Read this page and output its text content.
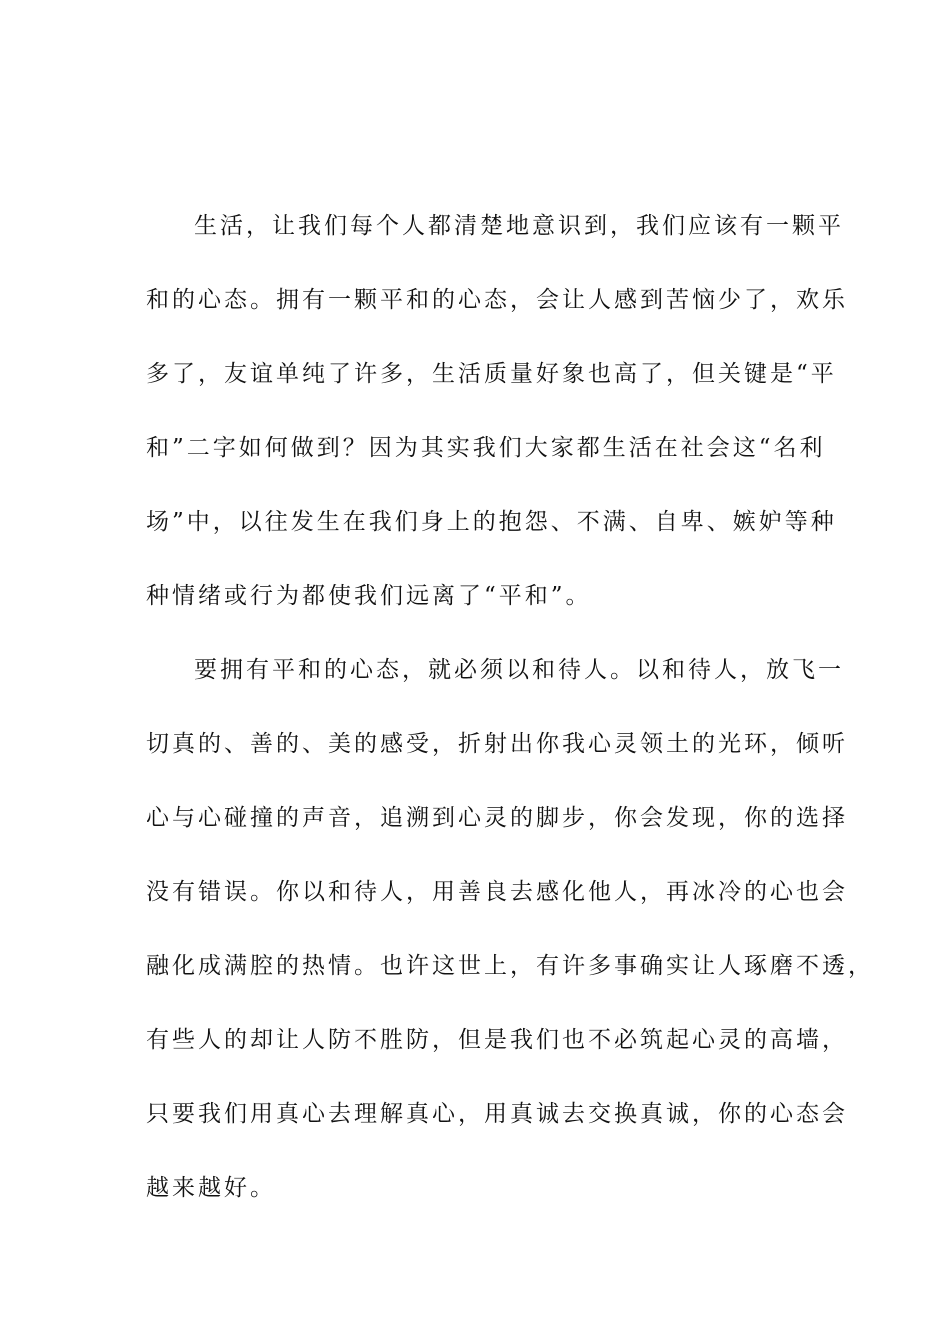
生活，让我们每个人都清楚地意识到，我们应该有一颗平
和的心态。拥有一颗平和的心态，会让人感到苦恼少了，欢乐
多了，友谊单纯了许多，生活质量好象也高了，但关键是“平
和”二字如何做到？因为其实我们大家都生活在社会这“名利
场”中，以往发生在我们身上的抱怨、不满、自卑、嫉妒等种
种情绪或行为都使我们远离了“平和”。
要拥有平和的心态，就必须以和待人。以和待人，放飞一
切真的、善的、美的感受，折射出你我心灵领土的光环，倾听
心与心碰撞的声音，追溯到心灵的脚步，你会发现，你的选择
没有错误。你以和待人，用善良去感化他人，再冰冷的心也会
融化成满腔的热情。也许这世上，有许多事确实让人琢磨不透，
有些人的却让人防不胜防，但是我们也不必筑起心灵的高墙，
只要我们用真心去理解真心，用真诚去交换真诚，你的心态会
越来越好。
